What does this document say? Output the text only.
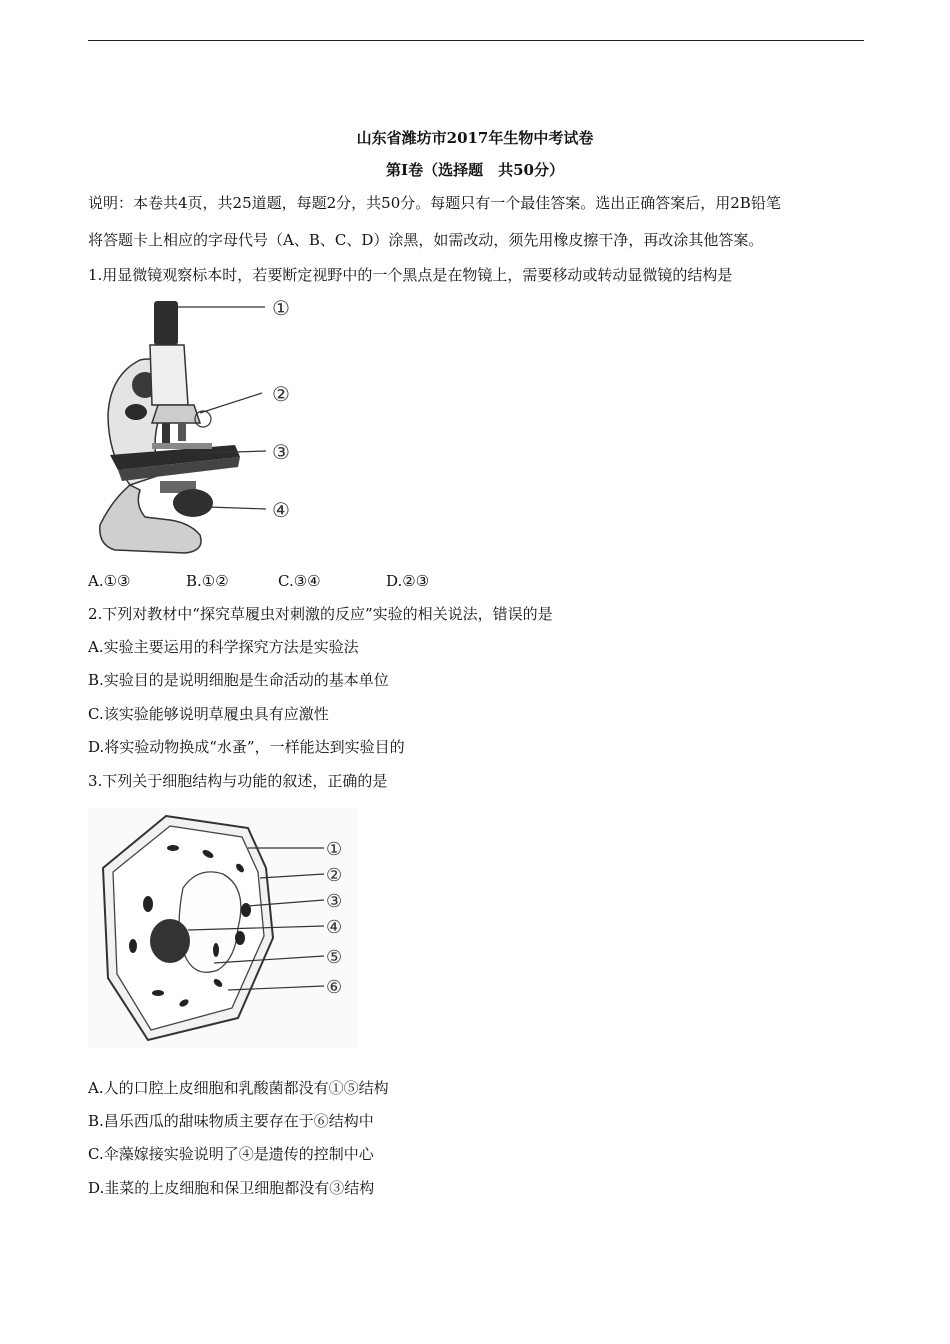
山东省潍坊市2017年生物中考试卷
第Ⅰ卷（选择题　共50分）
说明：本卷共4页，共25道题，每题2分，共50分。每题只有一个最佳答案。选出正确答案后，用2B铅笔
将答题卡上相应的字母代号（A、B、C、D）涂黑，如需改动，须先用橡皮擦干净，再改涂其他答案。
1.用显微镜观察标本时，若要断定视野中的一个黑点是在物镜上，需要移动或转动显微镜的结构是
①
②
③
④
A.①③	B.①②	C.③④	D.②③
2.下列对教材中“探究草履虫对刺激的反应”实验的相关说法，错误的是
A.实验主要运用的科学探究方法是实验法
B.实验目的是说明细胞是生命活动的基本单位
C.该实验能够说明草履虫具有应激性
D.将实验动物换成“水蚤”，一样能达到实验目的
3.下列关于细胞结构与功能的叙述，正确的是
①
②
③
④
⑤
⑥
A.人的口腔上皮细胞和乳酸菌都没有①⑤结构
B.昌乐西瓜的甜味物质主要存在于⑥结构中
C.伞藻嫁接实验说明了④是遗传的控制中心
D.韭菜的上皮细胞和保卫细胞都没有③结构
